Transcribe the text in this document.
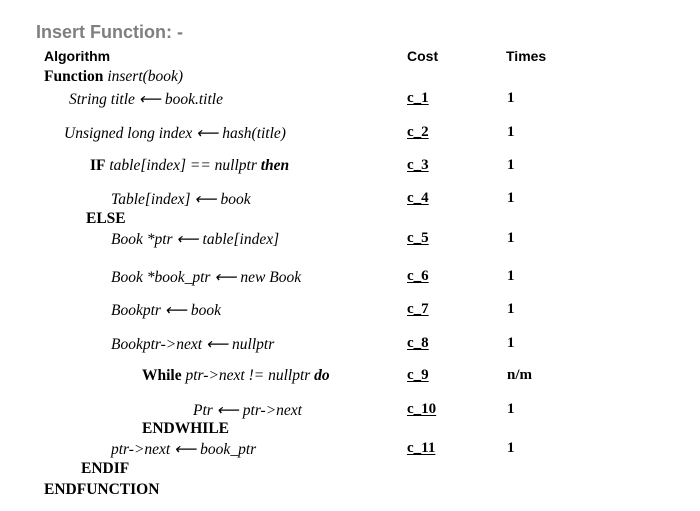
Insert Function: -
Algorithm	Cost	Times
Function insert(book)
String title ⟵ book.title
Unsigned long index ⟵ hash(title)
IF table[index] == nullptr then
Table[index] ⟵ book
ELSE
Book *ptr ⟵ table[index]
Book *book_ptr ⟵ new Book
Bookptr ⟵ book
Bookptr->next ⟵ nullptr
While ptr->next != nullptr do
Ptr ⟵ ptr->next
ENDWHILE
ptr->next ⟵ book_ptr
ENDIF
ENDFUNCTION
c_1
c_2
c_3
c_4
c_5
c_6
c_7
c_8
c_9
c_10
c_11
1
1
1
1
1
1
1
1
n/m
1
1
